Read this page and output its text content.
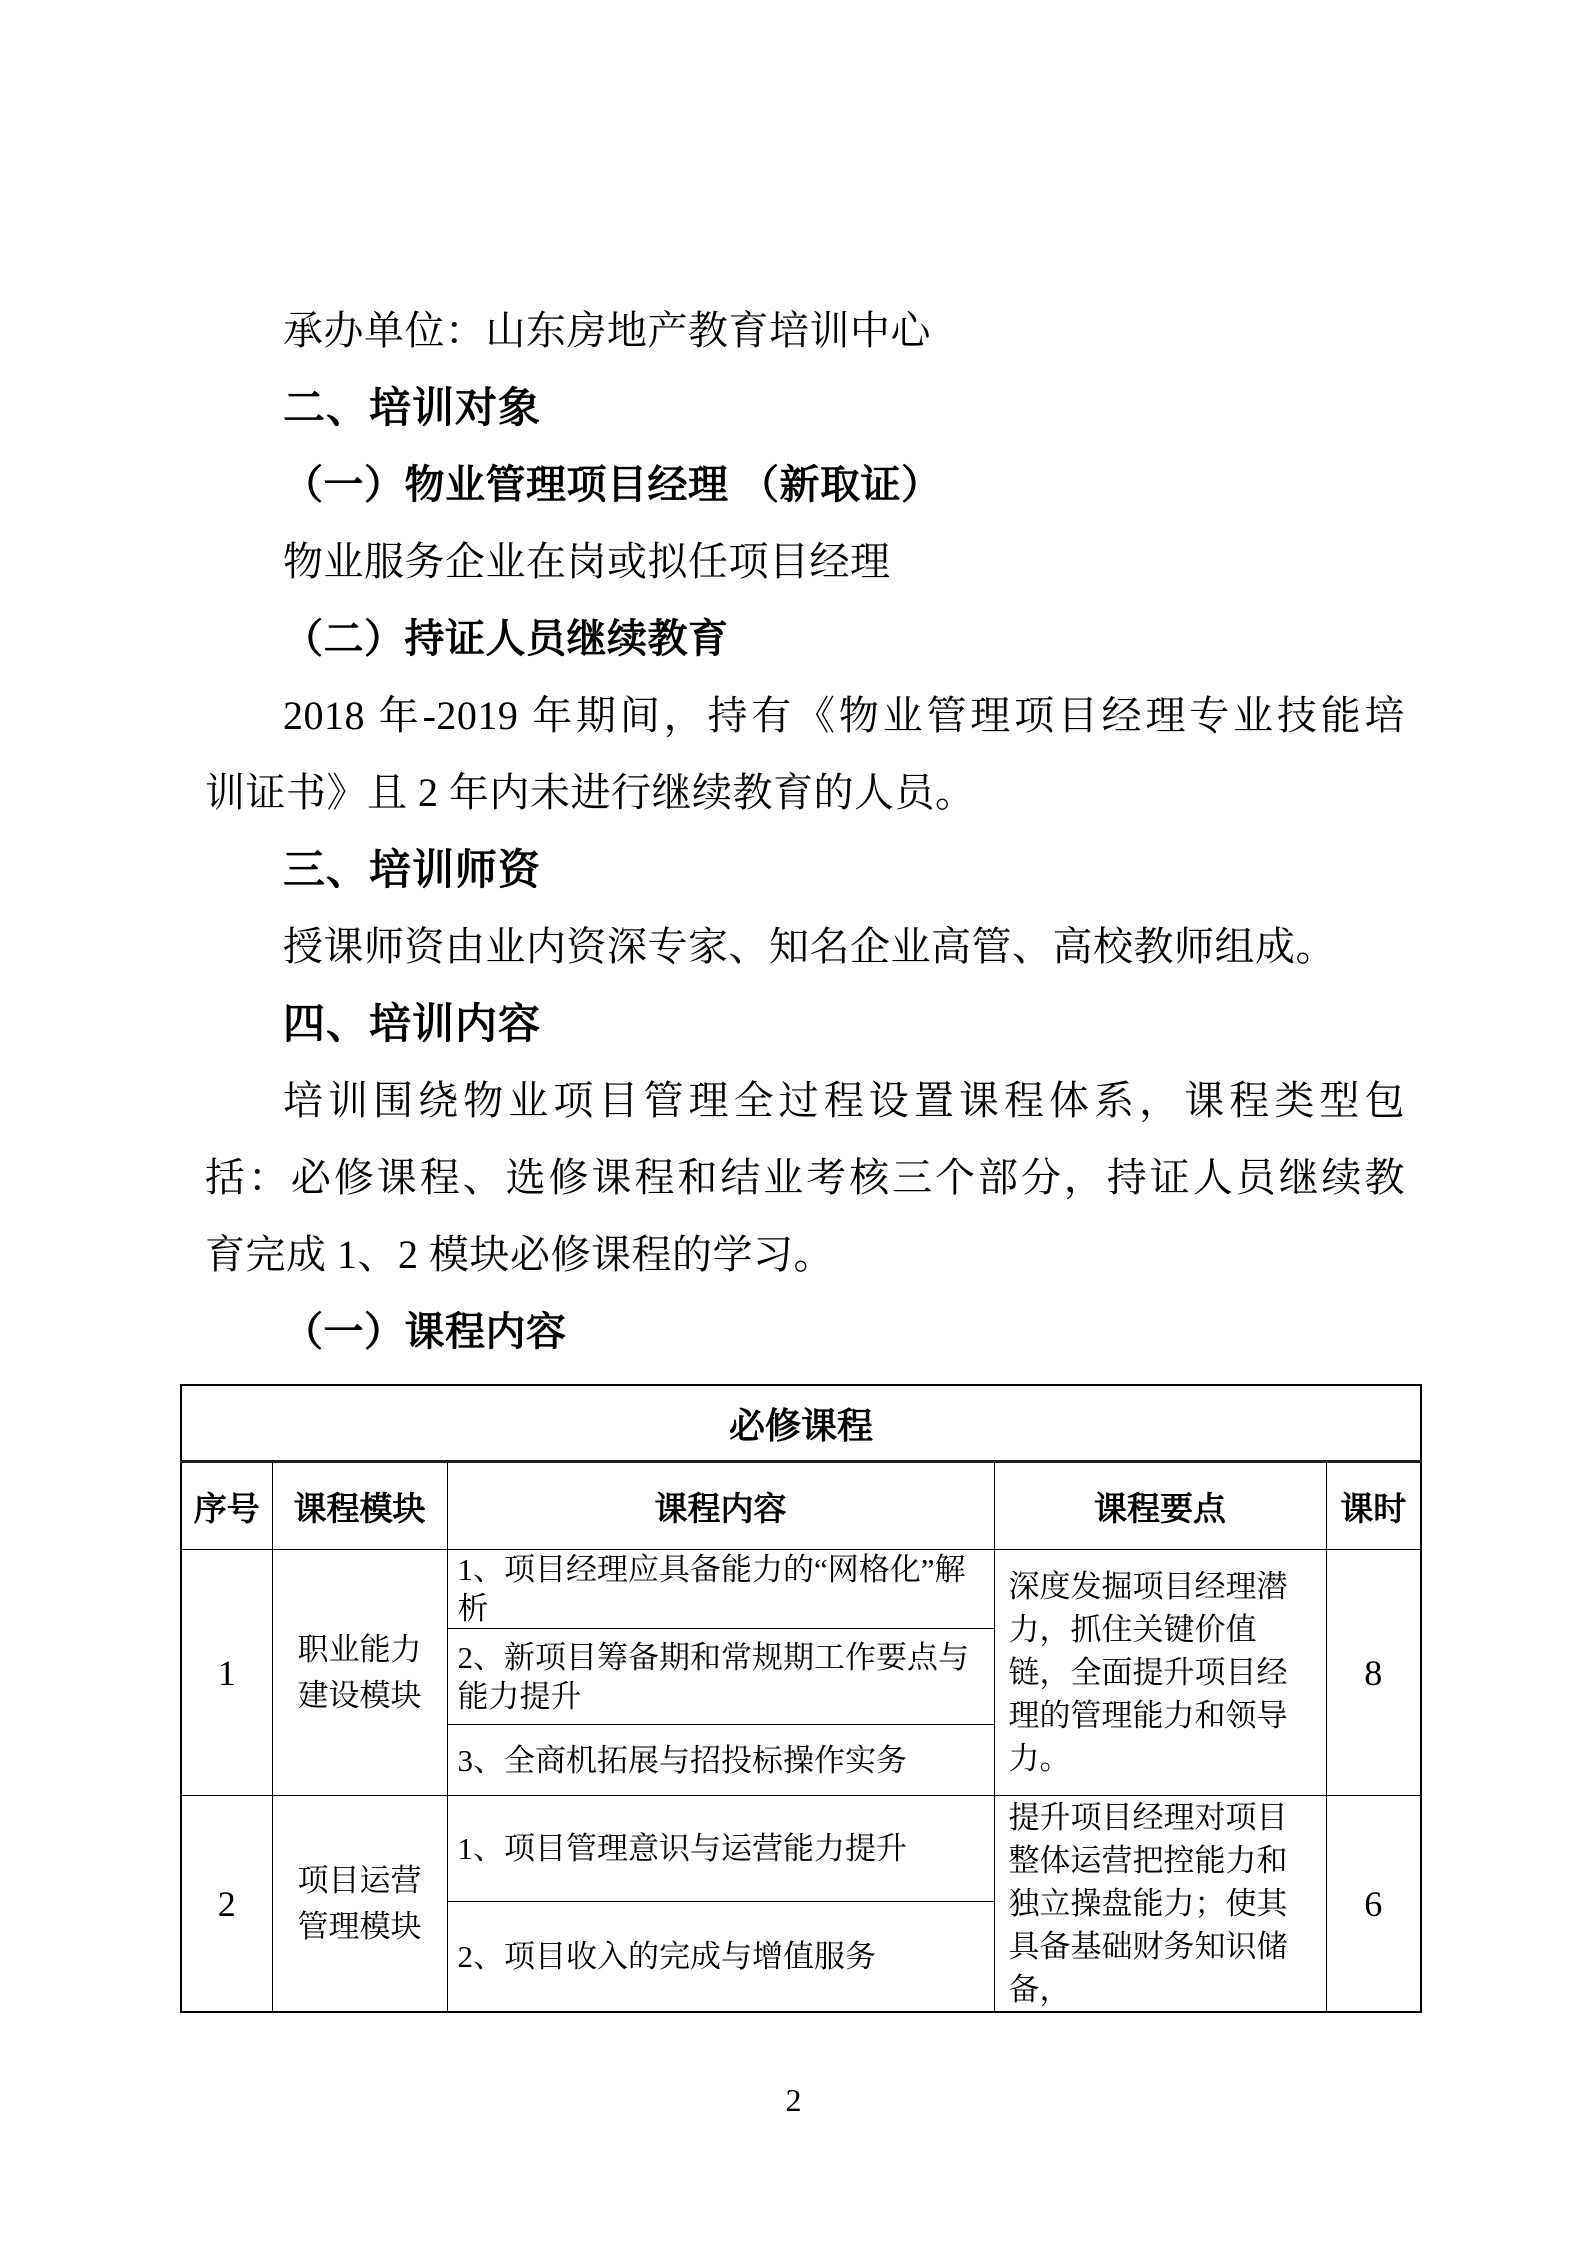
承办单位：山东房地产教育培训中心
二、培训对象
（一）物业管理项目经理 （新取证）
物业服务企业在岗或拟任项目经理
（二）持证人员继续教育
2018 年-2019 年期间，持有《物业管理项目经理专业技能培
训证书》且 2 年内未进行继续教育的人员。
三、培训师资
授课师资由业内资深专家、知名企业高管、高校教师组成。
四、培训内容
培训围绕物业项目管理全过程设置课程体系，课程类型包
括：必修课程、选修课程和结业考核三个部分，持证人员继续教
育完成 1、2 模块必修课程的学习。
（一）课程内容
必修课程				
序号	课程模块	课程内容	课程要点	课时
1	职业能力建设模块	1、项目经理应具备能力的“网格化”解析	深度发掘项目经理潜力，抓住关键价值链，全面提升项目经理的管理能力和领导力。	8
		2、新项目筹备期和常规期工作要点与能力提升		
		3、全商机拓展与招投标操作实务		
2	项目运营管理模块	1、项目管理意识与运营能力提升	提升项目经理对项目整体运营把控能力和独立操盘能力；使其具备基础财务知识储备，	6
		2、项目收入的完成与增值服务		
2
